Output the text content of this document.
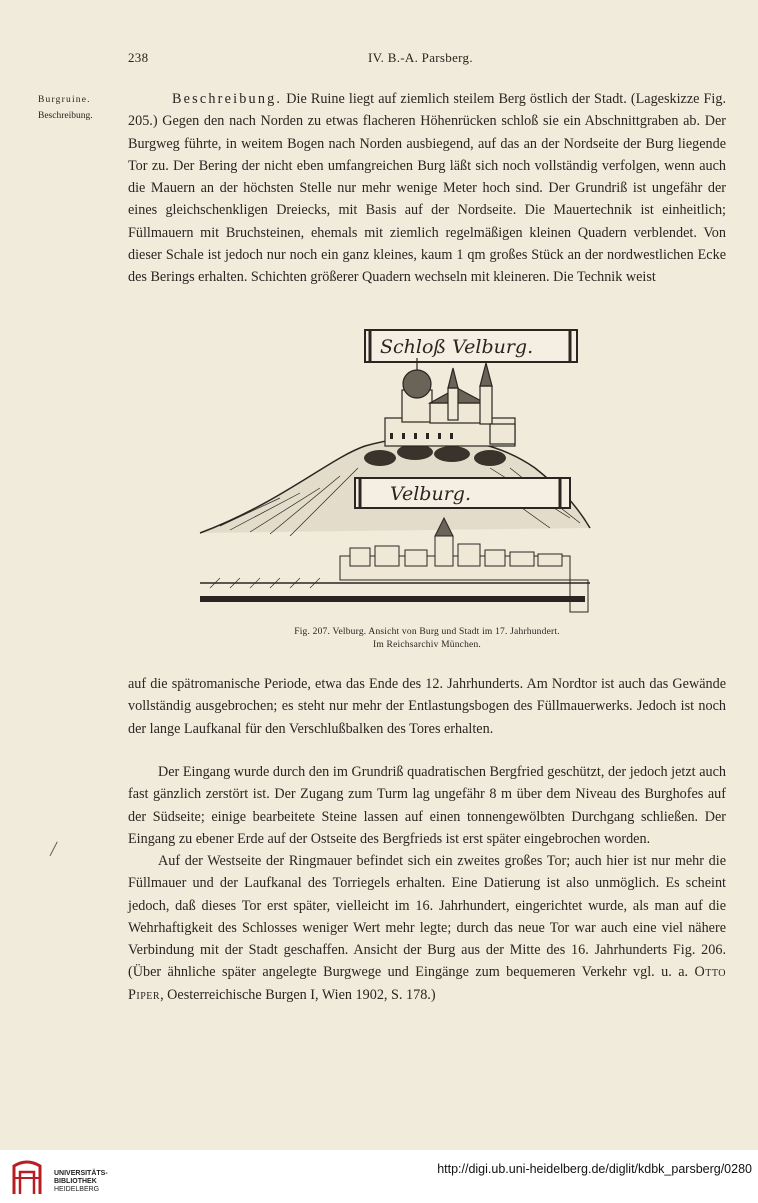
238	IV. B.-A. Parsberg.
Burgruine.
Beschreibung.
Beschreibung. Die Ruine liegt auf ziemlich steilem Berg östlich der Stadt. (Lageskizze Fig. 205.) Gegen den nach Norden zu etwas flacheren Höhenrücken schloß sie ein Abschnittgraben ab. Der Burgweg führte, in weitem Bogen nach Norden ausbiegend, auf das an der Nordseite der Burg liegende Tor zu. Der Bering der nicht eben umfangreichen Burg läßt sich noch vollständig verfolgen, wenn auch die Mauern an der höchsten Stelle nur mehr wenige Meter hoch sind. Der Grundriß ist ungefähr der eines gleichschenkligen Dreiecks, mit Basis auf der Nordseite. Die Mauertechnik ist einheitlich; Füllmauern mit Bruchsteinen, ehemals mit ziemlich regelmäßigen kleinen Quadern verblendet. Von dieser Schale ist jedoch nur noch ein ganz kleines, kaum 1 qm großes Stück an der nordwestlichen Ecke des Berings erhalten. Schichten größerer Quadern wechseln mit kleineren. Die Technik weist
Schloß Velburg.
Velburg.
Fig. 207. Velburg. Ansicht von Burg und Stadt im 17. Jahrhundert.
Im Reichsarchiv München.
auf die spätromanische Periode, etwa das Ende des 12. Jahrhunderts. Am Nordtor ist auch das Gewände vollständig ausgebrochen; es steht nur mehr der Entlastungsbogen des Füllmauerwerks. Jedoch ist noch der lange Laufkanal für den Verschlußbalken des Tores erhalten.
Der Eingang wurde durch den im Grundriß quadratischen Bergfried geschützt, der jedoch jetzt auch fast gänzlich zerstört ist. Der Zugang zum Turm lag ungefähr 8 m über dem Niveau des Burghofes auf der Südseite; einige bearbeitete Steine lassen auf einen tonnengewölbten Durchgang schließen. Der Eingang zu ebener Erde auf der Ostseite des Bergfrieds ist erst später eingebrochen worden.
╱
Auf der Westseite der Ringmauer befindet sich ein zweites großes Tor; auch hier ist nur mehr die Füllmauer und der Laufkanal des Torriegels erhalten. Eine Datierung ist also unmöglich. Es scheint jedoch, daß dieses Tor erst später, vielleicht im 16. Jahrhundert, eingerichtet wurde, als man auf die Wehrhaftigkeit des Schlosses weniger Wert mehr legte; durch das neue Tor war auch eine viel nähere Verbindung mit der Stadt geschaffen. Ansicht der Burg aus der Mitte des 16. Jahrhunderts Fig. 206. (Über ähnliche später angelegte Burgwege und Eingänge zum bequemeren Verkehr vgl. u. a. Otto Piper, Oesterreichische Burgen I, Wien 1902, S. 178.)
UNIVERSITÄTS-
BIBLIOTHEK
HEIDELBERG
http://digi.ub.uni-heidelberg.de/diglit/kdbk_parsberg/0280
